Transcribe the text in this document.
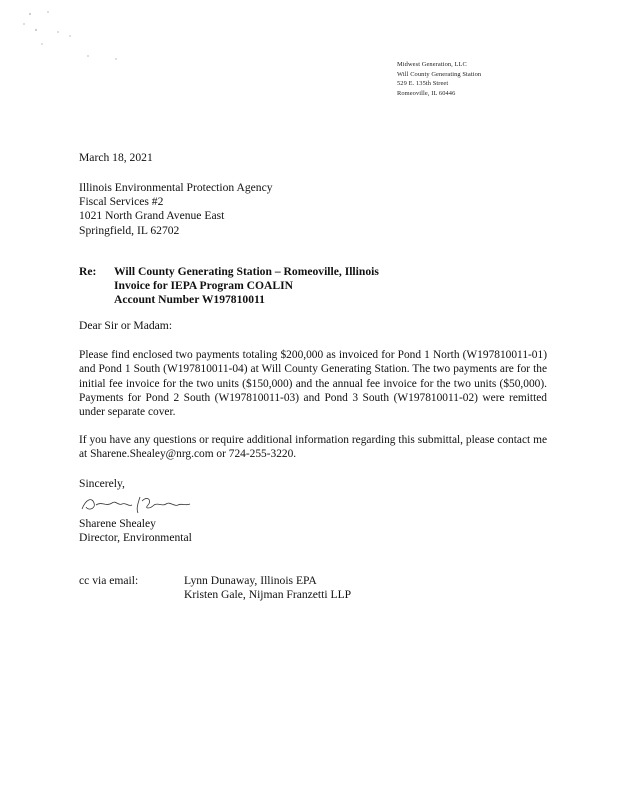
Midwest Generation, LLC
Will County Generating Station
529 E. 135th Street
Romeoville, IL 60446
March 18, 2021
Illinois Environmental Protection Agency
Fiscal Services #2
1021 North Grand Avenue East
Springfield, IL 62702
Re: Will County Generating Station – Romeoville, Illinois
Invoice for IEPA Program COALIN
Account Number W197810011
Dear Sir or Madam:
Please find enclosed two payments totaling $200,000 as invoiced for Pond 1 North (W197810011-01) and Pond 1 South (W197810011-04) at Will County Generating Station. The two payments are for the initial fee invoice for the two units ($150,000) and the annual fee invoice for the two units ($50,000). Payments for Pond 2 South (W197810011-03) and Pond 3 South (W197810011-02) were remitted under separate cover.
If you have any questions or require additional information regarding this submittal, please contact me at Sharene.Shealey@nrg.com or 724-255-3220.
Sincerely,
Sharene Shealey
Director, Environmental
cc via email:	Lynn Dunaway, Illinois EPA
Kristen Gale, Nijman Franzetti LLP
